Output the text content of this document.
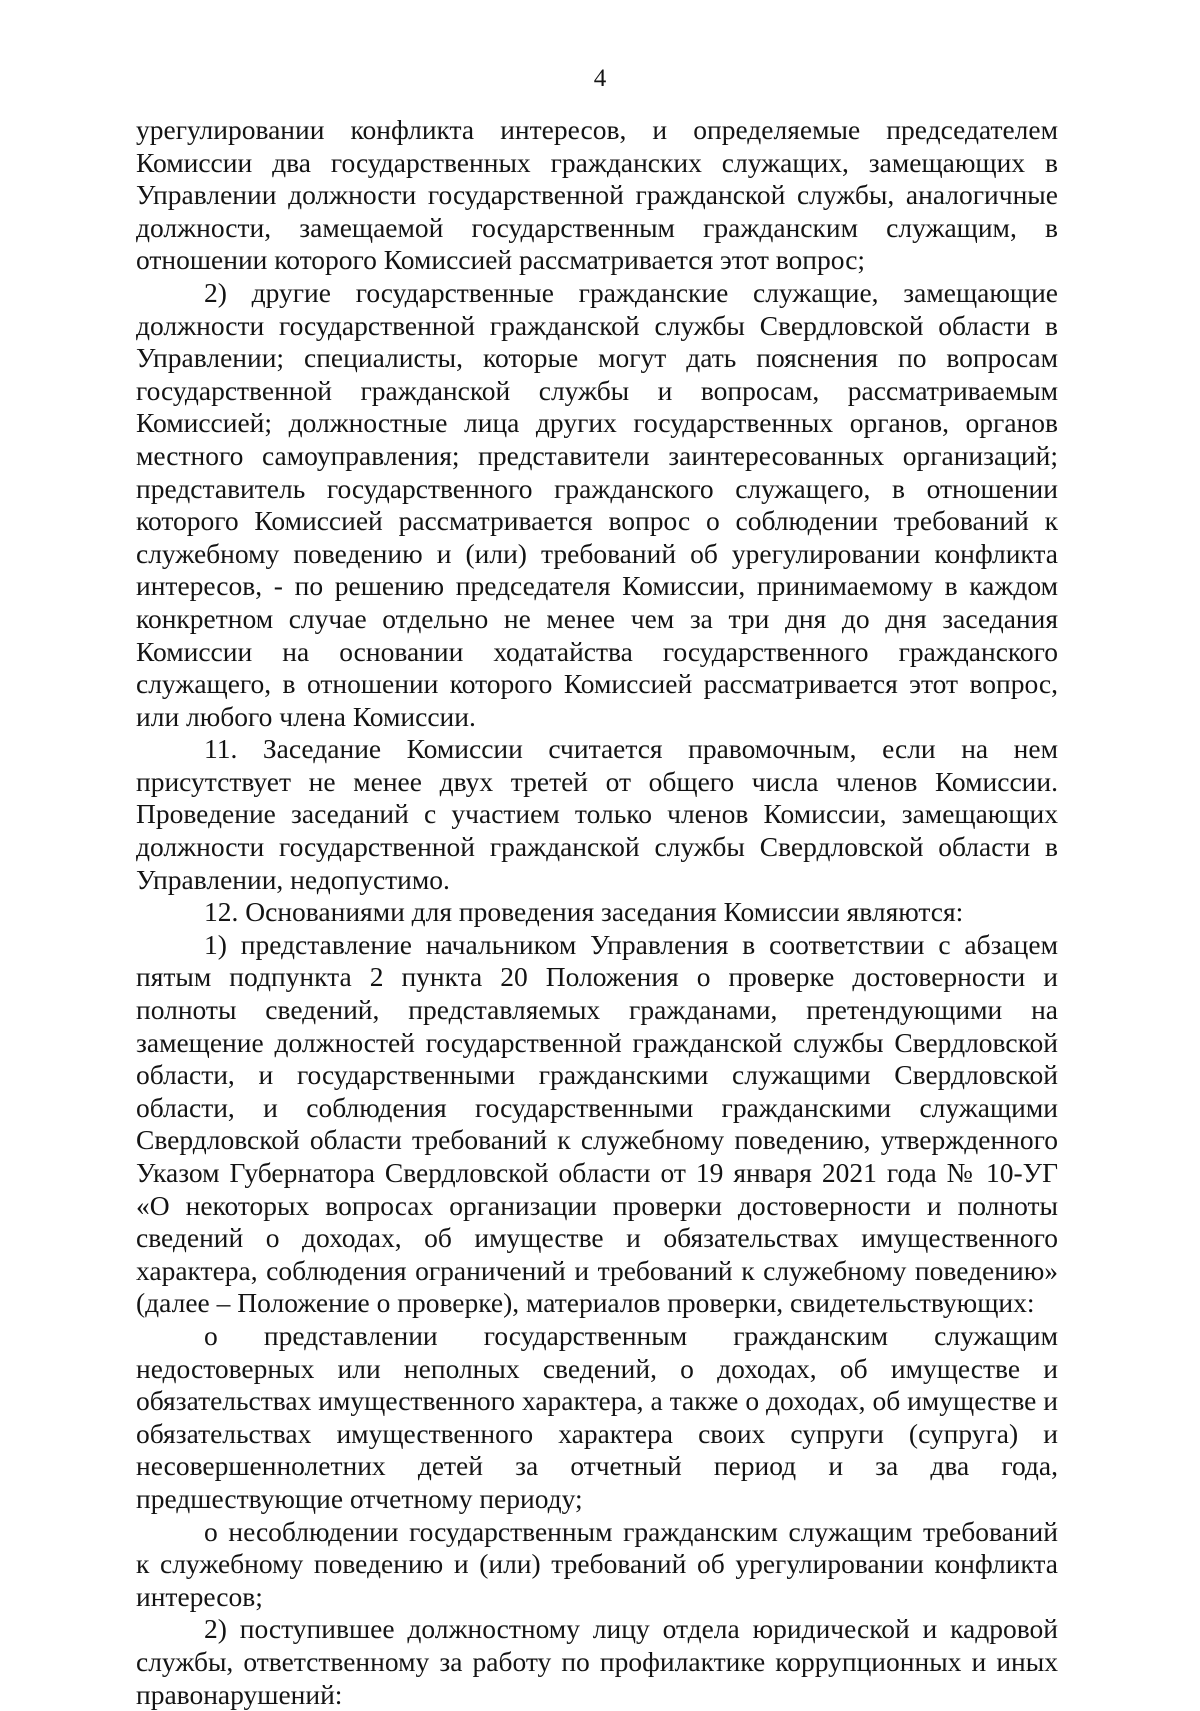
4

урегулировании конфликта интересов, и определяемые председателем Комиссии два государственных гражданских служащих, замещающих в Управлении должности государственной гражданской службы, аналогичные должности, замещаемой государственным гражданским служащим, в отношении которого Комиссией рассматривается этот вопрос;

2) другие государственные гражданские служащие, замещающие должности государственной гражданской службы Свердловской области в Управлении; специалисты, которые могут дать пояснения по вопросам государственной гражданской службы и вопросам, рассматриваемым Комиссией; должностные лица других государственных органов, органов местного самоуправления; представители заинтересованных организаций; представитель государственного гражданского служащего, в отношении которого Комиссией рассматривается вопрос о соблюдении требований к служебному поведению и (или) требований об урегулировании конфликта интересов, - по решению председателя Комиссии, принимаемому в каждом конкретном случае отдельно не менее чем за три дня до дня заседания Комиссии на основании ходатайства государственного гражданского служащего, в отношении которого Комиссией рассматривается этот вопрос, или любого члена Комиссии.

11. Заседание Комиссии считается правомочным, если на нем присутствует не менее двух третей от общего числа членов Комиссии. Проведение заседаний с участием только членов Комиссии, замещающих должности государственной гражданской службы Свердловской области в Управлении, недопустимо.

12. Основаниями для проведения заседания Комиссии являются:

1) представление начальником Управления в соответствии с абзацем пятым подпункта 2 пункта 20 Положения о проверке достоверности и полноты сведений, представляемых гражданами, претендующими на замещение должностей государственной гражданской службы Свердловской области, и государственными гражданскими служащими Свердловской области, и соблюдения государственными гражданскими служащими Свердловской области требований к служебному поведению, утвержденного Указом Губернатора Свердловской области от 19 января 2021 года № 10-УГ «О некоторых вопросах организации проверки достоверности и полноты сведений о доходах, об имуществе и обязательствах имущественного характера, соблюдения ограничений и требований к служебному поведению» (далее – Положение о проверке), материалов проверки, свидетельствующих:

о представлении государственным гражданским служащим недостоверных или неполных сведений, о доходах, об имуществе и обязательствах имущественного характера, а также о доходах, об имуществе и обязательствах имущественного характера своих супруги (супруга) и несовершеннолетних детей за отчетный период и за два года, предшествующие отчетному периоду;

о несоблюдении государственным гражданским служащим требований к служебному поведению и (или) требований об урегулировании конфликта интересов;

2) поступившее должностному лицу отдела юридической и кадровой службы, ответственному за работу по профилактике коррупционных и иных правонарушений:
